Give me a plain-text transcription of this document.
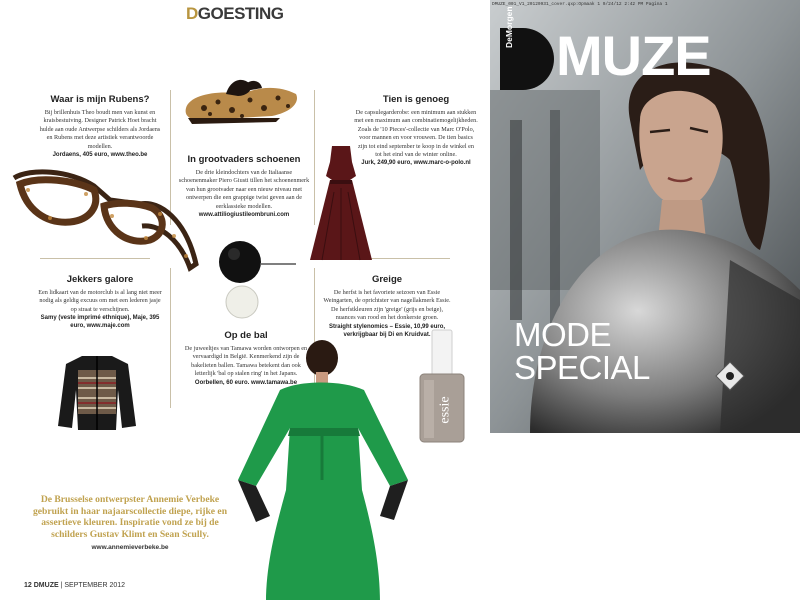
DGOESTING
Waar is mijn Rubens?

Bij brillenhuis Theo boudt men van kunst en kraisbestuiving. Designer Patrick Hoet bracht hulde aan oude Antwerpse schilders als Jordaens en Rubens met deze artistiek verantwoorde modellen.

Jordaens, 405 euro, www.theo.be	In grootvaders schoenen

De drie kleindochters van de Italiaanse schoenenmaker Piero Giusti tillen het schoenenmerk van hun grootvader naar een nieuw niveau met ontwerpen die een grappige twist geven aan de eerklassieke modellen.

www.attiliogiustileombruni.com
Tien is genoeg

De capsulegarderobe: een minimum aan stukken met een maximum aan combinatiemogelijkheden. Zoals de '10 Pieces'-collectie van Marc O'Polo, voor mannen en voor vrouwen. De tien basics zijn tot eind september te koop in de winkel en tot het eind van de winter online.

Jurk, 249,90 euro, www.marc-o-polo.nl
Jekkers galore

Een lidkaart van de motorclub is al lang niet meer nodig als geldig excuus om met een lederen jasje op straat te verschijnen.

Samy (veste imprimé ethnique), Maje, 395 euro, www.maje.com
Op de bal

De juweeltjes van Tamawa worden ontworpen en vervaardigd in België. Kenmerkend zijn de bakelieten ballen. Tamawa betekent dan ook letterlijk 'bal op stalen ring' in het Japans.

Oorbellen, 60 euro. www.tamawa.be
Greige

De herfst is het favoriete seizoen van Essie Weingarten, de oprichtster van nagellakmerk Essie. De herfstkleuren zijn 'greige' (grijs en beige), nuances van rood en het donkerste groen.

Straight stylenomics – Essie, 10,99 euro, verkrijgbaar bij Di en Kruidvat.
essie
De Brusselse ontwerpster Annemie Verbeke gebruikt in haar najaarscollectie diepe, rijke en assertieve kleuren. Inspiratie vond ze bij de schilders Gustav Klimt en Sean Scully.
www.annemieverbeke.be
12 DMUZE | SEPTEMBER 2012
DMUZE_001_V1_20120931_cover.qxp:Opmaak 1 9/24/12 2:42 PM Pagina 1
DeMorgen MUZE
MODE
SPECIAL
